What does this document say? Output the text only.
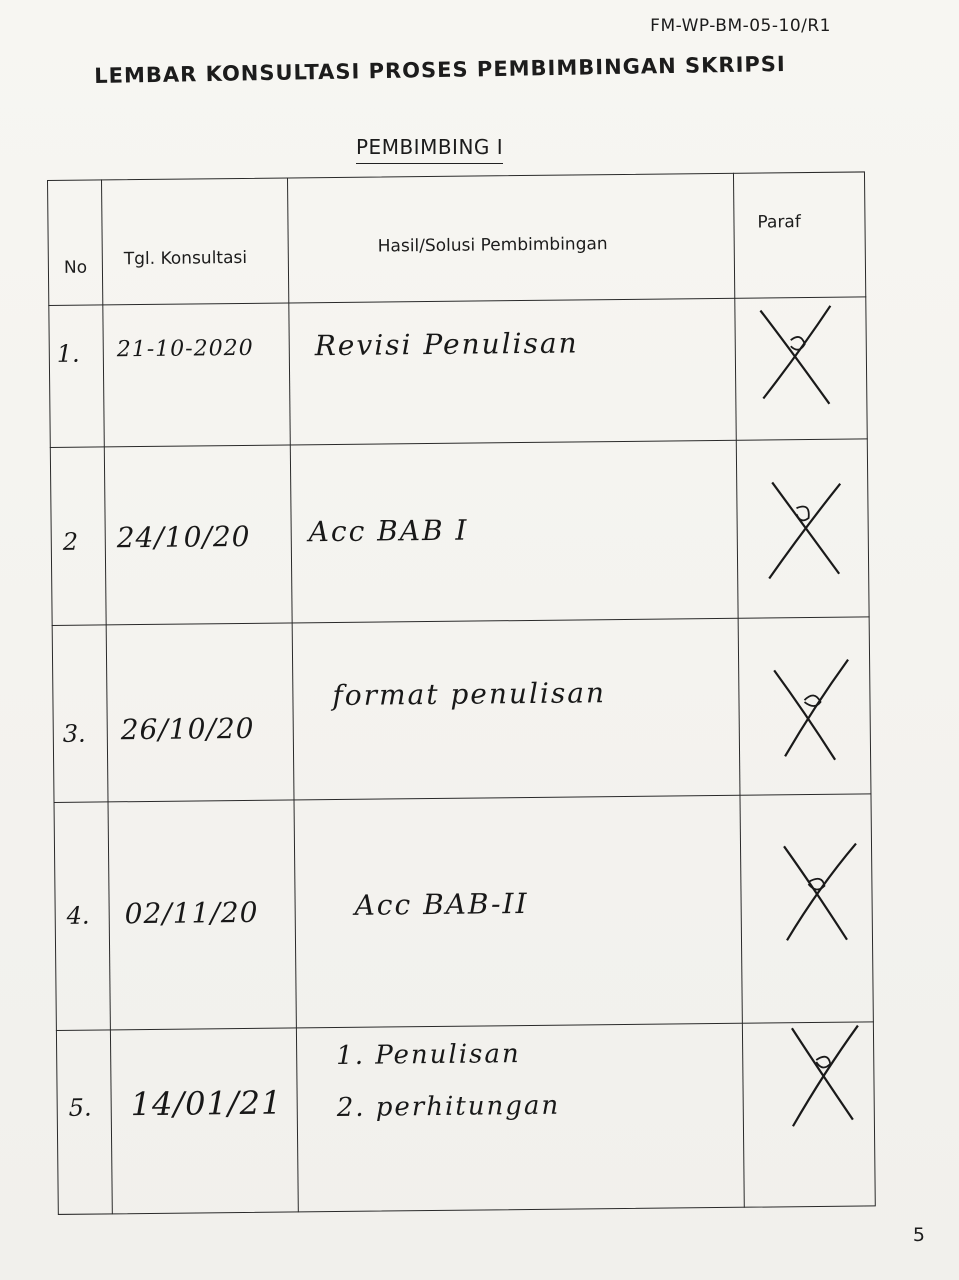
FM-WP-BM-05-10/R1
LEMBAR KONSULTASI PROSES PEMBIMBINGAN SKRIPSI
PEMBIMBING I
No Tgl. Konsultasi
Hasil/Solusi Pembimbingan
Paraf
1. 21-10-2020 Revisi Penulisan
2 24/10/20 Acc BAB I
3. 26/10/20
format penulisan
4. 02/11/20	Acc BAB-II
5. 14/01/21
1. Penulisan
2. perhitungan
5
